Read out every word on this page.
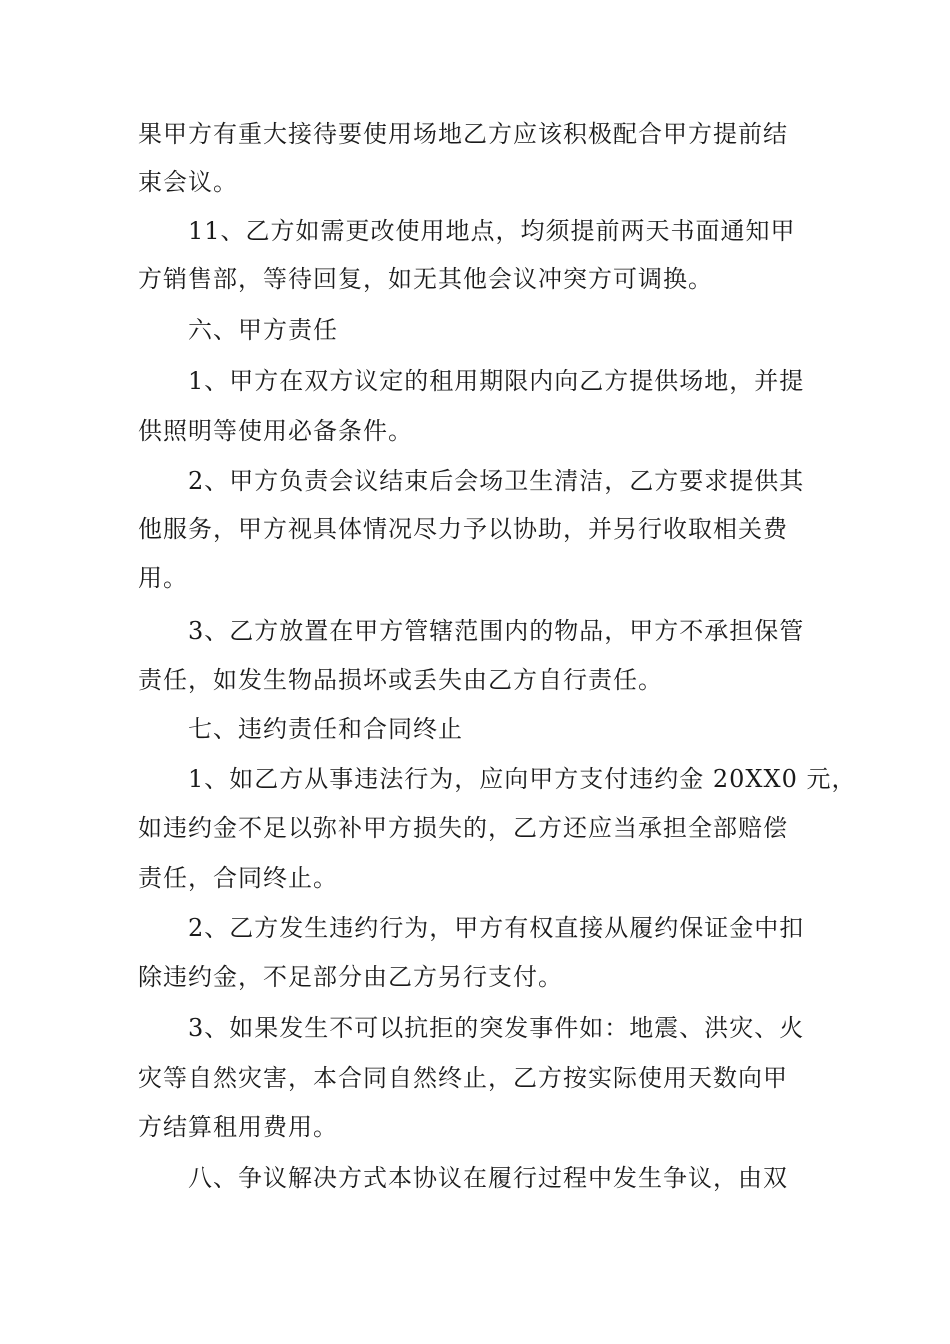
果甲方有重大接待要使用场地乙方应该积极配合甲方提前结
束会议。
11、乙方如需更改使用地点，均须提前两天书面通知甲
方销售部，等待回复，如无其他会议冲突方可调换。
六、甲方责任
1、甲方在双方议定的租用期限内向乙方提供场地，并提
供照明等使用必备条件。
2、甲方负责会议结束后会场卫生清洁，乙方要求提供其
他服务，甲方视具体情况尽力予以协助，并另行收取相关费
用。
3、乙方放置在甲方管辖范围内的物品，甲方不承担保管
责任，如发生物品损坏或丢失由乙方自行责任。
七、违约责任和合同终止
1、如乙方从事违法行为，应向甲方支付违约金 20XX0 元，
如违约金不足以弥补甲方损失的，乙方还应当承担全部赔偿
责任，合同终止。
2、乙方发生违约行为，甲方有权直接从履约保证金中扣
除违约金，不足部分由乙方另行支付。
3、如果发生不可以抗拒的突发事件如：地震、洪灾、火
灾等自然灾害，本合同自然终止，乙方按实际使用天数向甲
方结算租用费用。
八、争议解决方式本协议在履行过程中发生争议，由双
